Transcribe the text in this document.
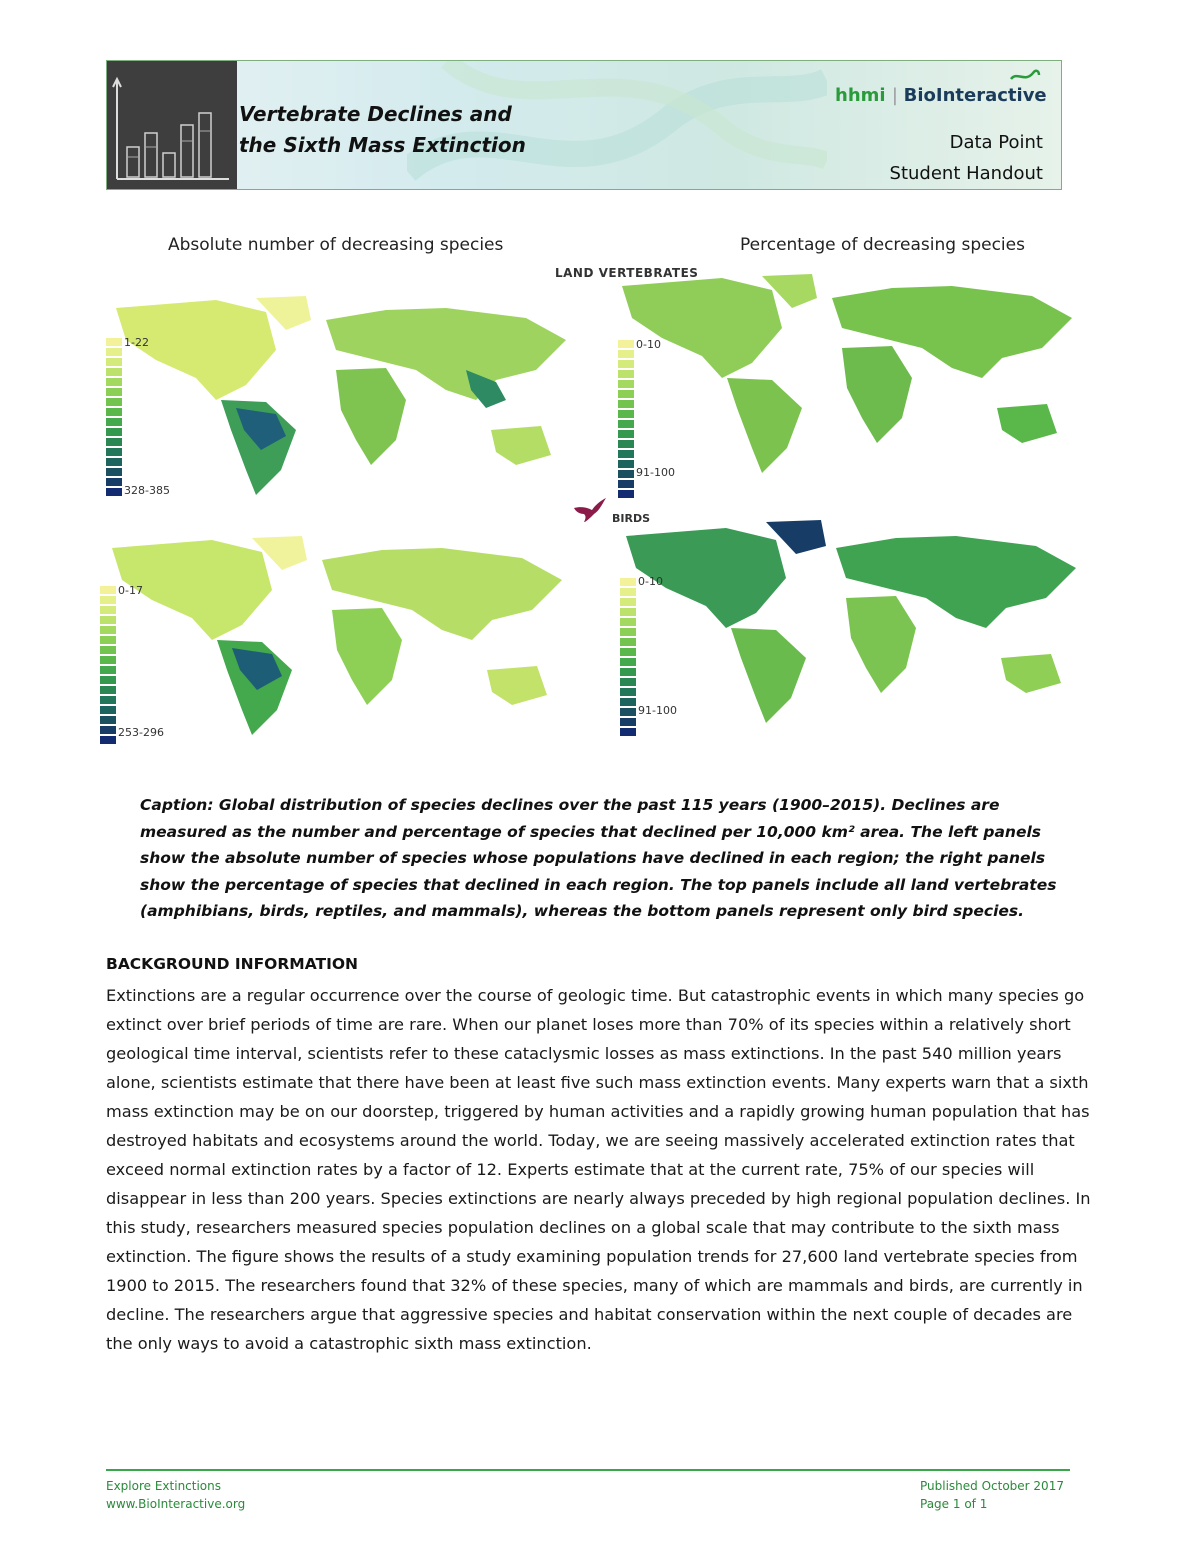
Vertebrate Declines and
the Sixth Mass Extinction
hhmi | BioInteractive
Data Point
Student Handout
Absolute number of decreasing species	Percentage of decreasing species
LAND VERTEBRATES
BIRDS
1-22
328-385
0-10
91-100
0-17
253-296
0-10
91-100
Caption: Global distribution of species declines over the past 115 years (1900–2015). Declines are measured as the number and percentage of species that declined per 10,000 km² area. The left panels show the absolute number of species whose populations have declined in each region; the right panels show the percentage of species that declined in each region. The top panels include all land vertebrates (amphibians, birds, reptiles, and mammals), whereas the bottom panels represent only bird species.
BACKGROUND INFORMATION
Extinctions are a regular occurrence over the course of geologic time. But catastrophic events in which many species go extinct over brief periods of time are rare. When our planet loses more than 70% of its species within a relatively short geological time interval, scientists refer to these cataclysmic losses as mass extinctions. In the past 540 million years alone, scientists estimate that there have been at least five such mass extinction events. Many experts warn that a sixth mass extinction may be on our doorstep, triggered by human activities and a rapidly growing human population that has destroyed habitats and ecosystems around the world. Today, we are seeing massively accelerated extinction rates that exceed normal extinction rates by a factor of 12. Experts estimate that at the current rate, 75% of our species will disappear in less than 200 years. Species extinctions are nearly always preceded by high regional population declines. In this study, researchers measured species population declines on a global scale that may contribute to the sixth mass extinction. The figure shows the results of a study examining population trends for 27,600 land vertebrate species from 1900 to 2015. The researchers found that 32% of these species, many of which are mammals and birds, are currently in decline. The researchers argue that aggressive species and habitat conservation within the next couple of decades are the only ways to avoid a catastrophic sixth mass extinction.
Explore Extinctions
www.BioInteractive.org
Published October 2017
Page 1 of 1
